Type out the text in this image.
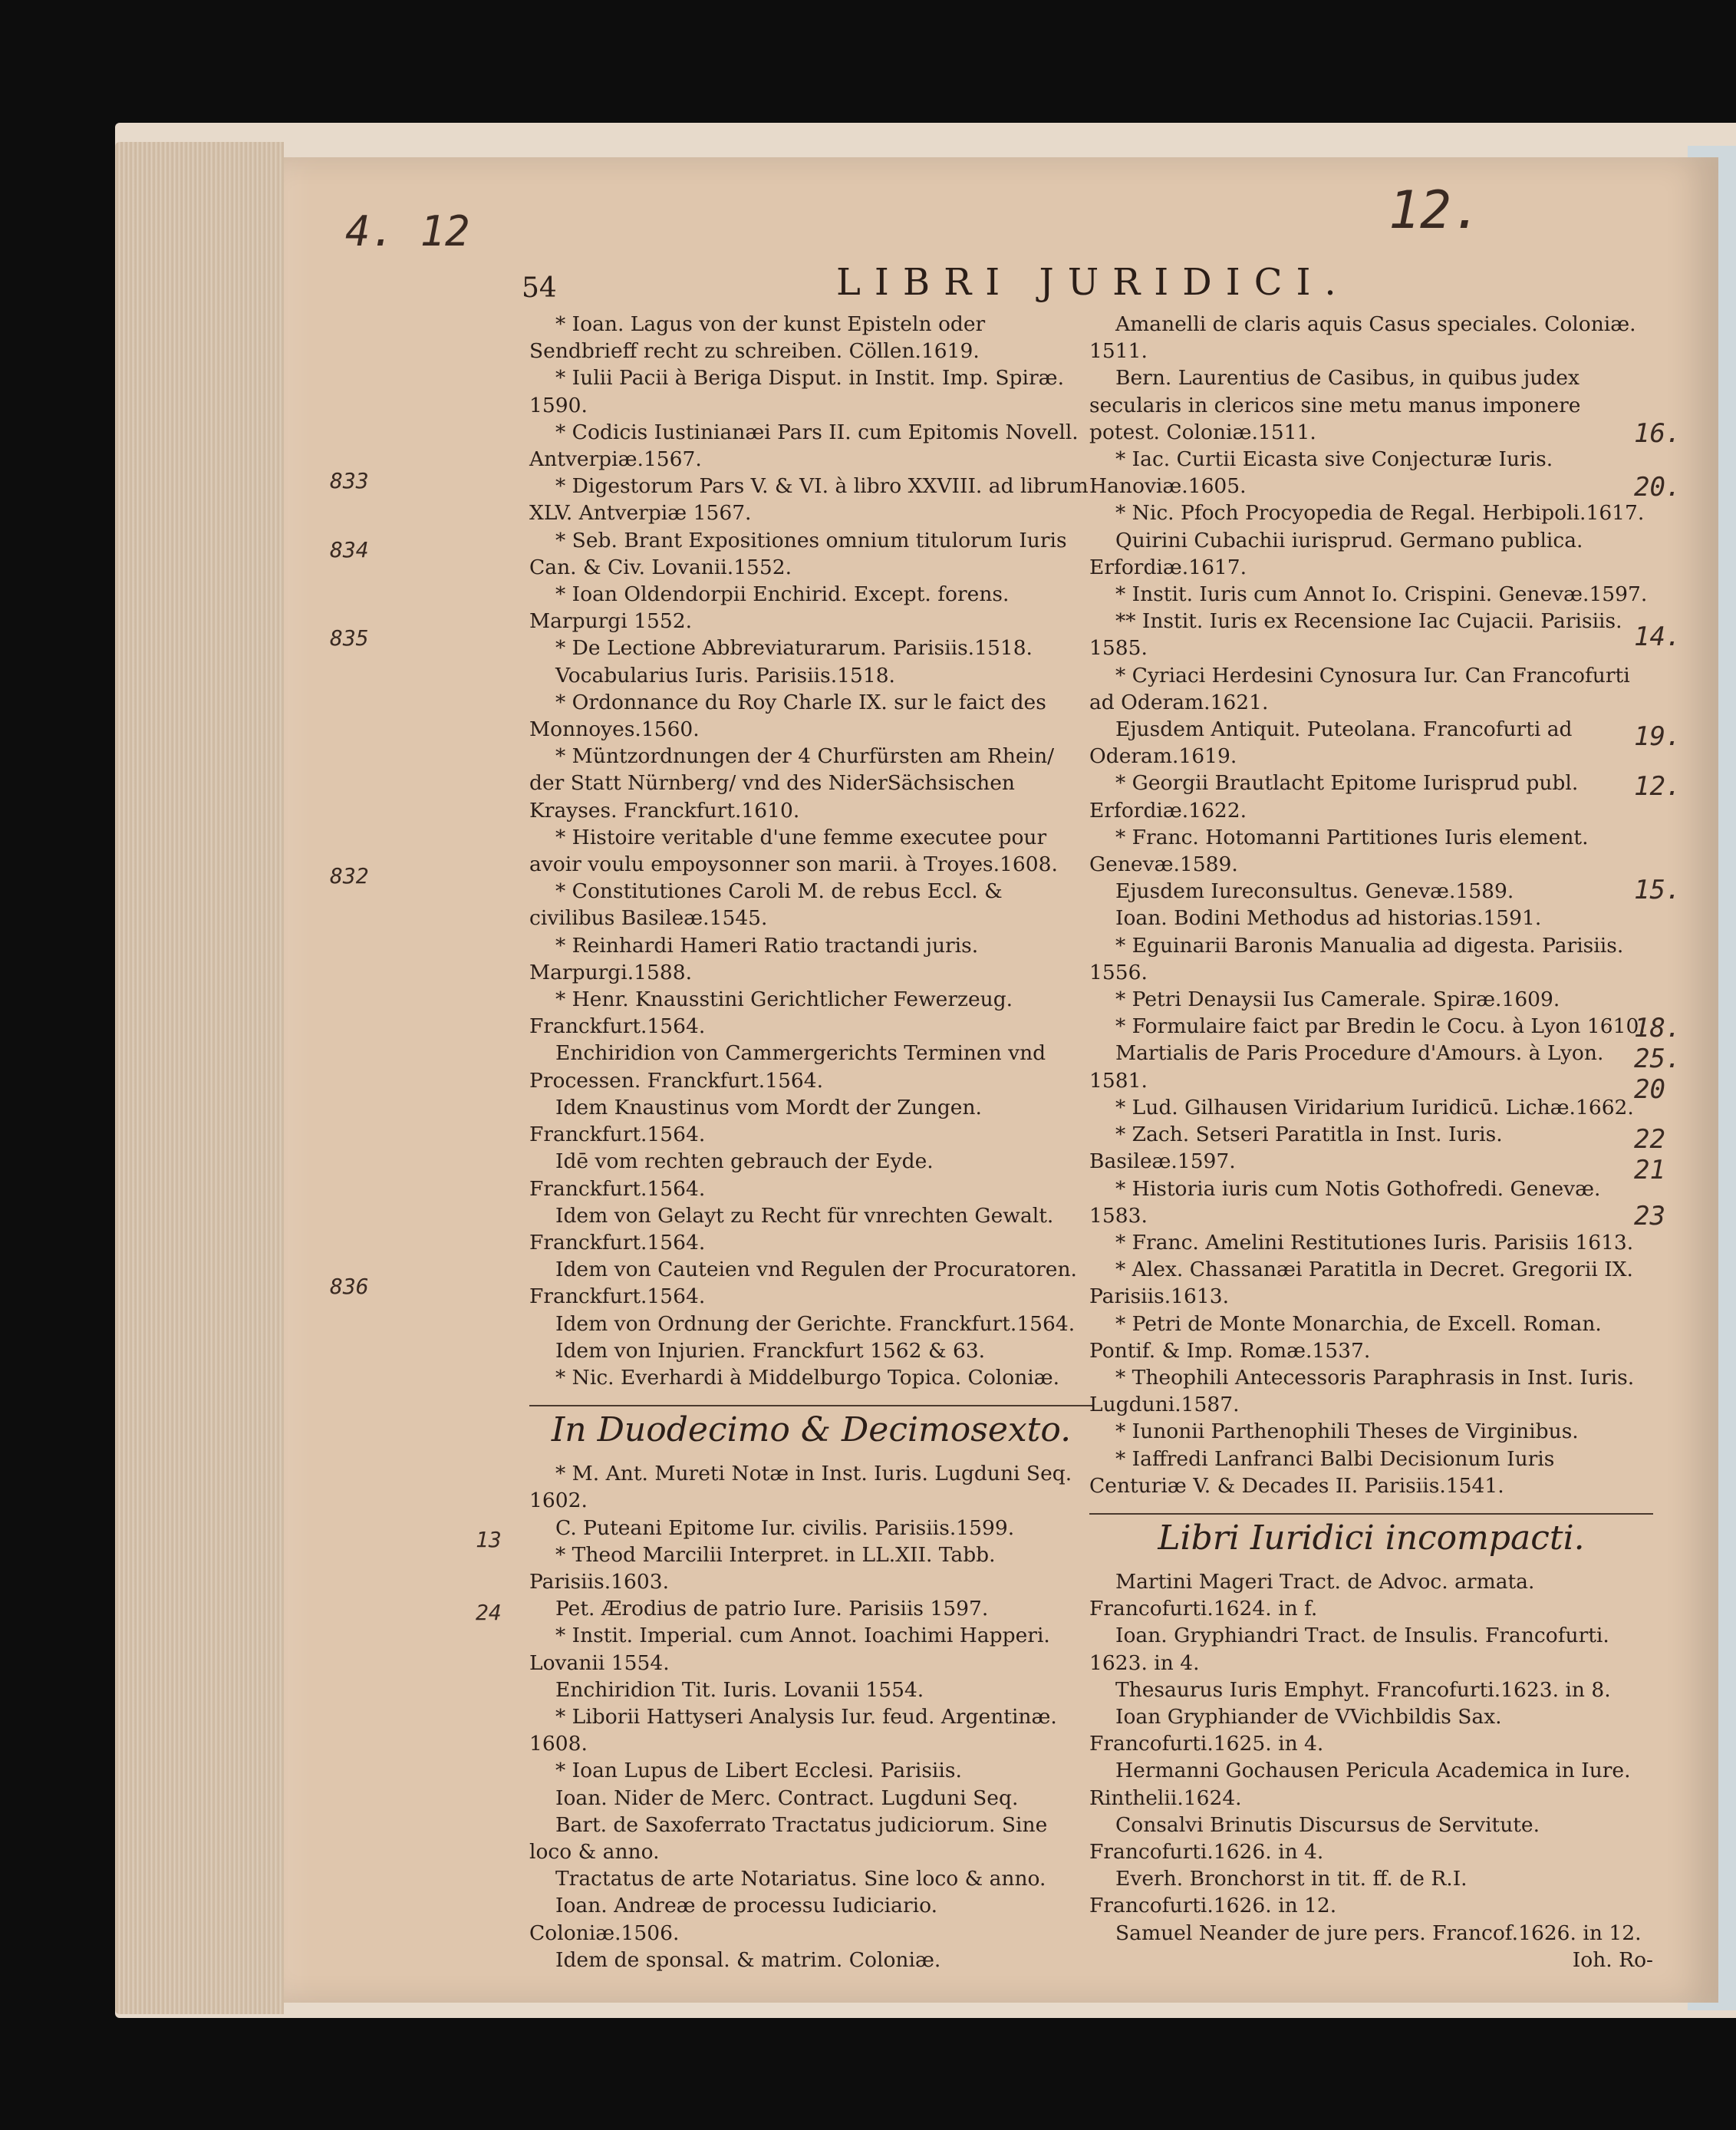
4. 12	12.
54	LIBRI JURIDICI.

* Ioan. Lagus von der kunst Episteln oder Sendbrieff recht zu schreiben. Cöllen.1619.

* Iulii Pacii à Beriga Disput. in Instit. Imp. Spiræ. 1590.

* Codicis Iustinianæi Pars II. cum Epitomis Novell. Antverpiæ.1567.

* Digestorum Pars V. & VI. à libro XXVIII. ad librum XLV. Antverpiæ 1567.

* Seb. Brant Expositiones omnium titulorum Iuris Can. & Civ. Lovanii.1552.

* Ioan Oldendorpii Enchirid. Except. forens. Marpurgi 1552.

* De Lectione Abbreviaturarum. Parisiis.1518.

Vocabularius Iuris. Parisiis.1518.

* Ordonnance du Roy Charle IX. sur le faict des Monnoyes.1560.

* Müntzordnungen der 4 Churfürsten am Rhein/ der Statt Nürnberg/ vnd des NiderSächsischen Krayses. Franckfurt.1610.

* Histoire veritable d'une femme executee pour avoir voulu empoysonner son marii. à Troyes.1608.

* Constitutiones Caroli M. de rebus Eccl. & civilibus Basileæ.1545.

* Reinhardi Hameri Ratio tractandi juris. Marpurgi.1588.

* Henr. Knausstini Gerichtlicher Fewerzeug. Franckfurt.1564.

Enchiridion von Cammergerichts Terminen vnd Processen. Franckfurt.1564.

Idem Knaustinus vom Mordt der Zungen. Franckfurt.1564.

Idē vom rechten gebrauch der Eyde. Franckfurt.1564.

Idem von Gelayt zu Recht für vnrechten Gewalt. Franckfurt.1564.

Idem von Cauteien vnd Regulen der Procuratoren. Franckfurt.1564.

Idem von Ordnung der Gerichte. Franckfurt.1564.

Idem von Injurien. Franckfurt 1562 & 63.

* Nic. Everhardi à Middelburgo Topica. Coloniæ.

In Duodecimo & Decimosexto.

* M. Ant. Mureti Notæ in Inst. Iuris. Lugduni Seq. 1602.

C. Puteani Epitome Iur. civilis. Parisiis.1599.

* Theod Marcilii Interpret. in LL.XII. Tabb. Parisiis.1603.

Pet. Ærodius de patrio Iure. Parisiis 1597.

* Instit. Imperial. cum Annot. Ioachimi Happeri. Lovanii 1554.

Enchiridion Tit. Iuris. Lovanii 1554.

* Liborii Hattyseri Analysis Iur. feud. Argentinæ. 1608.

* Ioan Lupus de Libert Ecclesi. Parisiis.

Ioan. Nider de Merc. Contract. Lugduni Seq.

Bart. de Saxoferrato Tractatus judiciorum. Sine loco & anno.

Tractatus de arte Notariatus. Sine loco & anno.

Ioan. Andreæ de processu Iudiciario. Coloniæ.1506.

Idem de sponsal. & matrim. Coloniæ.

Amanelli de claris aquis Casus speciales. Coloniæ. 1511.

Bern. Laurentius de Casibus, in quibus judex secularis in clericos sine metu manus imponere potest. Coloniæ.1511.

* Iac. Curtii Eicasta sive Conjecturæ Iuris. Hanoviæ.1605.

* Nic. Pfoch Procyopedia de Regal. Herbipoli.1617.

Quirini Cubachii iurisprud. Germano publica. Erfordiæ.1617.

* Instit. Iuris cum Annot Io. Crispini. Genevæ.1597.

** Instit. Iuris ex Recensione Iac Cujacii. Parisiis. 1585.

* Cyriaci Herdesini Cynosura Iur. Can Francofurti ad Oderam.1621.

Ejusdem Antiquit. Puteolana. Francofurti ad Oderam.1619.

* Georgii Brautlacht Epitome Iurisprud publ. Erfordiæ.1622.

* Franc. Hotomanni Partitiones Iuris element. Genevæ.1589.

Ejusdem Iureconsultus. Genevæ.1589.

Ioan. Bodini Methodus ad historias.1591.

* Eguinarii Baronis Manualia ad digesta. Parisiis. 1556.

* Petri Denaysii Ius Camerale. Spiræ.1609.

* Formulaire faict par Bredin le Cocu. à Lyon 1610.

Martialis de Paris Procedure d'Amours. à Lyon. 1581.

* Lud. Gilhausen Viridarium Iuridicū. Lichæ.1662.

* Zach. Setseri Paratitla in Inst. Iuris. Basileæ.1597.

* Historia iuris cum Notis Gothofredi. Genevæ. 1583.

* Franc. Amelini Restitutiones Iuris. Parisiis 1613.

* Alex. Chassanæi Paratitla in Decret. Gregorii IX. Parisiis.1613.

* Petri de Monte Monarchia, de Excell. Roman. Pontif. & Imp. Romæ.1537.

* Theophili Antecessoris Paraphrasis in Inst. Iuris. Lugduni.1587.

* Iunonii Parthenophili Theses de Virginibus.

* Iaffredi Lanfranci Balbi Decisionum Iuris Centuriæ V. & Decades II. Parisiis.1541.

Libri Iuridici incompacti.

Martini Mageri Tract. de Advoc. armata. Francofurti.1624. in f.

Ioan. Gryphiandri Tract. de Insulis. Francofurti. 1623. in 4.

Thesaurus Iuris Emphyt. Francofurti.1623. in 8.

Ioan Gryphiander de VVichbildis Sax. Francofurti.1625. in 4.

Hermanni Gochausen Pericula Academica in Iure. Rinthelii.1624.

Consalvi Brinutis Discursus de Servitute. Francofurti.1626. in 4.

Everh. Bronchorst in tit. ff. de R.I. Francofurti.1626. in 12.

Samuel Neander de jure pers. Francof.1626. in 12.

Ioh. Ro-

833
834
835
832
836
13
24
16.
20.
14.
19.
12.
15.
18.
25.
20
22
21
23
